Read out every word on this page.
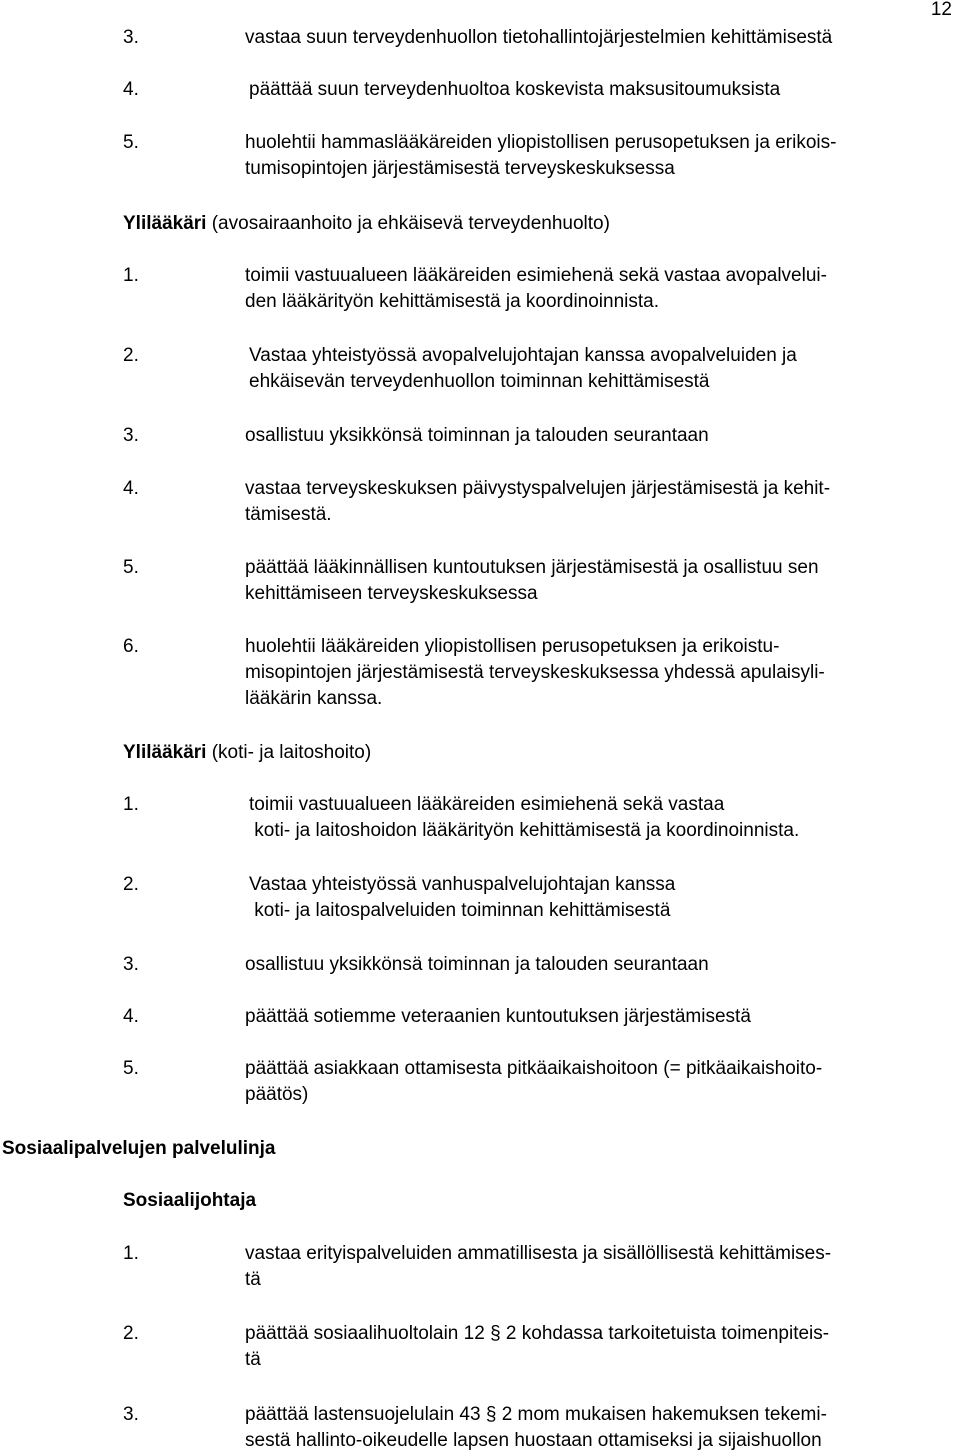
12

3.	vastaa suun terveydenhuollon tietohallintojärjestelmien kehittämisestä

4.	päättää suun terveydenhuoltoa koskevista maksusitoumuksista

5.	huolehtii hammaslääkäreiden yliopistollisen perusopetuksen ja erikois-
tumisopintojen järjestämisestä terveyskeskuksessa

Ylilääkäri (avosairaanhoito ja ehkäisevä terveydenhuolto)

1.	toimii vastuualueen lääkäreiden esimiehenä sekä vastaa avopalvelui-
den lääkärityön kehittämisestä ja koordinoinnista.

2.	Vastaa yhteistyössä avopalvelujohtajan kanssa avopalveluiden ja
ehkäisevän terveydenhuollon toiminnan kehittämisestä

3.	osallistuu yksikkönsä toiminnan ja talouden seurantaan

4.	vastaa terveyskeskuksen päivystyspalvelujen järjestämisestä ja kehit-
tämisestä.

5.	päättää lääkinnällisen kuntoutuksen järjestämisestä ja osallistuu sen
kehittämiseen terveyskeskuksessa

6.	huolehtii lääkäreiden yliopistollisen perusopetuksen ja erikoistu-
misopintojen järjestämisestä terveyskeskuksessa yhdessä apulaisyli-
lääkärin kanssa.

Ylilääkäri (koti- ja laitoshoito)

1.	toimii vastuualueen lääkäreiden esimiehenä sekä vastaa
koti- ja laitoshoidon lääkärityön kehittämisestä ja koordinoinnista.

2.	Vastaa yhteistyössä vanhuspalvelujohtajan kanssa
koti- ja laitospalveluiden toiminnan kehittämisestä

3.	osallistuu yksikkönsä toiminnan ja talouden seurantaan

4.	päättää sotiemme veteraanien kuntoutuksen järjestämisestä

5.	päättää asiakkaan ottamisesta pitkäaikaishoitoon (= pitkäaikaishoito-
päätös)

Sosiaalipalvelujen palvelulinja

Sosiaalijohtaja

1.	vastaa erityispalveluiden ammatillisesta ja sisällöllisestä kehittämises-
tä

2.	päättää sosiaalihuoltolain 12 § 2 kohdassa tarkoitetuista toimenpiteis-
tä

3.	päättää lastensuojelulain 43 § 2 mom mukaisen hakemuksen tekemi-
sestä hallinto-oikeudelle lapsen huostaan ottamiseksi ja sijaishuollon
